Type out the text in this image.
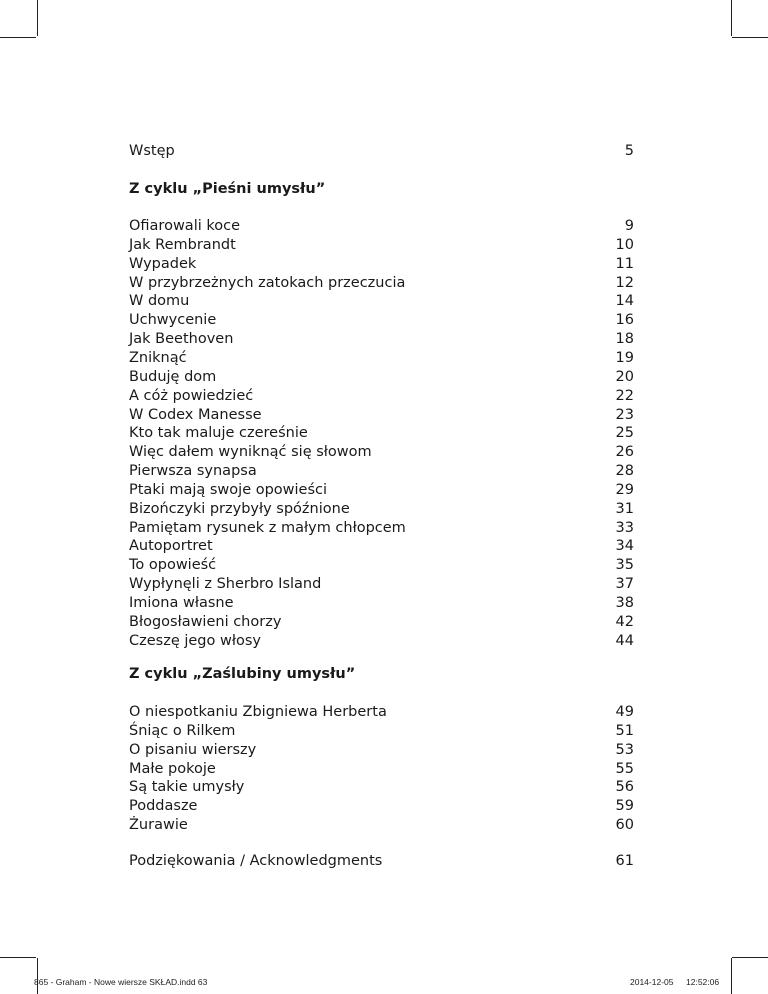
Wstęp	5
Z cyklu „Pieśni umysłu”
Ofiarowali koce	9
Jak Rembrandt	10
Wypadek	11
W przybrzeżnych zatokach przeczucia	12
W domu	14
Uchwycenie	16
Jak Beethoven	18
Zniknąć	19
Buduję dom	20
A cóż powiedzieć	22
W Codex Manesse	23
Kto tak maluje czereśnie	25
Więc dałem wyniknąć się słowom	26
Pierwsza synapsa	28
Ptaki mają swoje opowieści	29
Bizończyki przybyły spóźnione	31
Pamiętam rysunek z małym chłopcem	33
Autoportret	34
To opowieść	35
Wypłynęli z Sherbro Island	37
Imiona własne	38
Błogosławieni chorzy	42
Czeszę jego włosy	44
Z cyklu „Zaślubiny umysłu”
O niespotkaniu Zbigniewa Herberta	49
Śniąc o Rilkem	51
O pisaniu wierszy	53
Małe pokoje	55
Są takie umysły	56
Poddasze	59
Żurawie	60
Podziękowania / Acknowledgments	61
865 - Graham - Nowe wiersze SKŁAD.indd 63	2014-12-05 12:52:06
